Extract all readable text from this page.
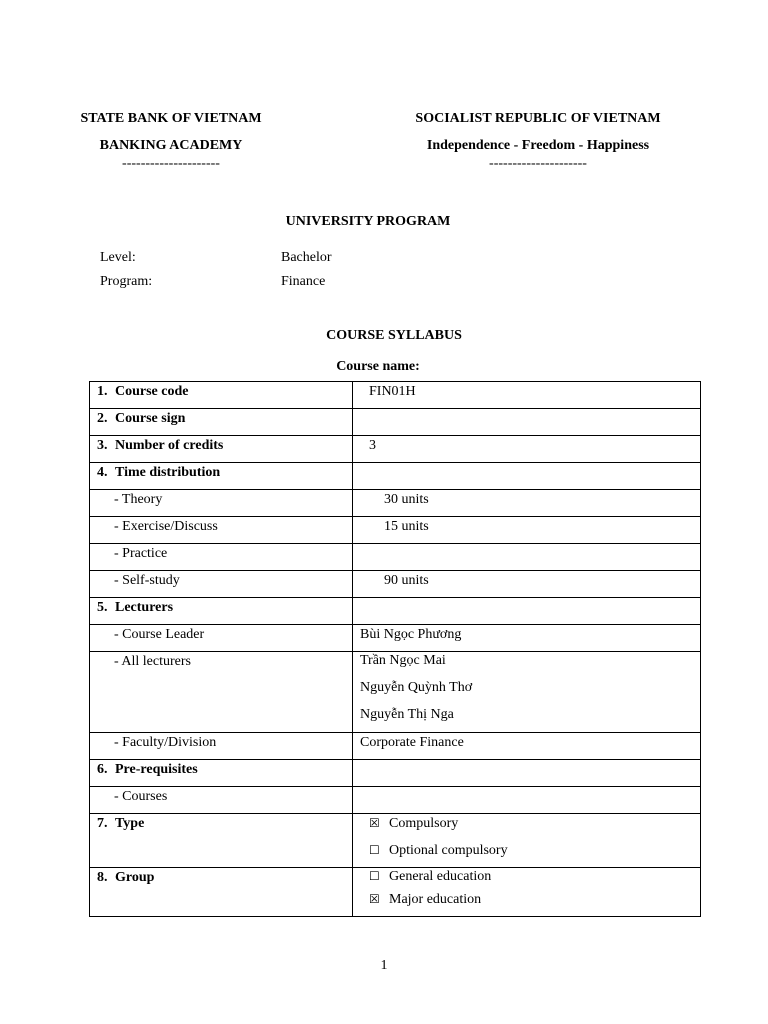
STATE BANK OF VIETNAM
BANKING ACADEMY
---------------------
SOCIALIST REPUBLIC OF VIETNAM
Independence - Freedom - Happiness
---------------------
UNIVERSITY PROGRAM
Level:	Bachelor
Program:	Finance
COURSE SYLLABUS
Course name:
1. Course code	FIN01H

2. Course sign	

3. Number of credits	3

4. Time distribution	

- Theory	30 units

- Exercise/Discuss	15 units

- Practice	

- Self-study	90 units

5. Lecturers	

- Course Leader	Bùi Ngọc Phương

- All lecturers	Trần Ngọc Mai
Nguyễn Quỳnh Thơ
Nguyễn Thị Nga

- Faculty/Division	Corporate Finance

6. Pre-requisites	

- Courses	

7. Type	☒ Compulsory
☐ Optional compulsory

8. Group	☐ General education
☒ Major education
1
